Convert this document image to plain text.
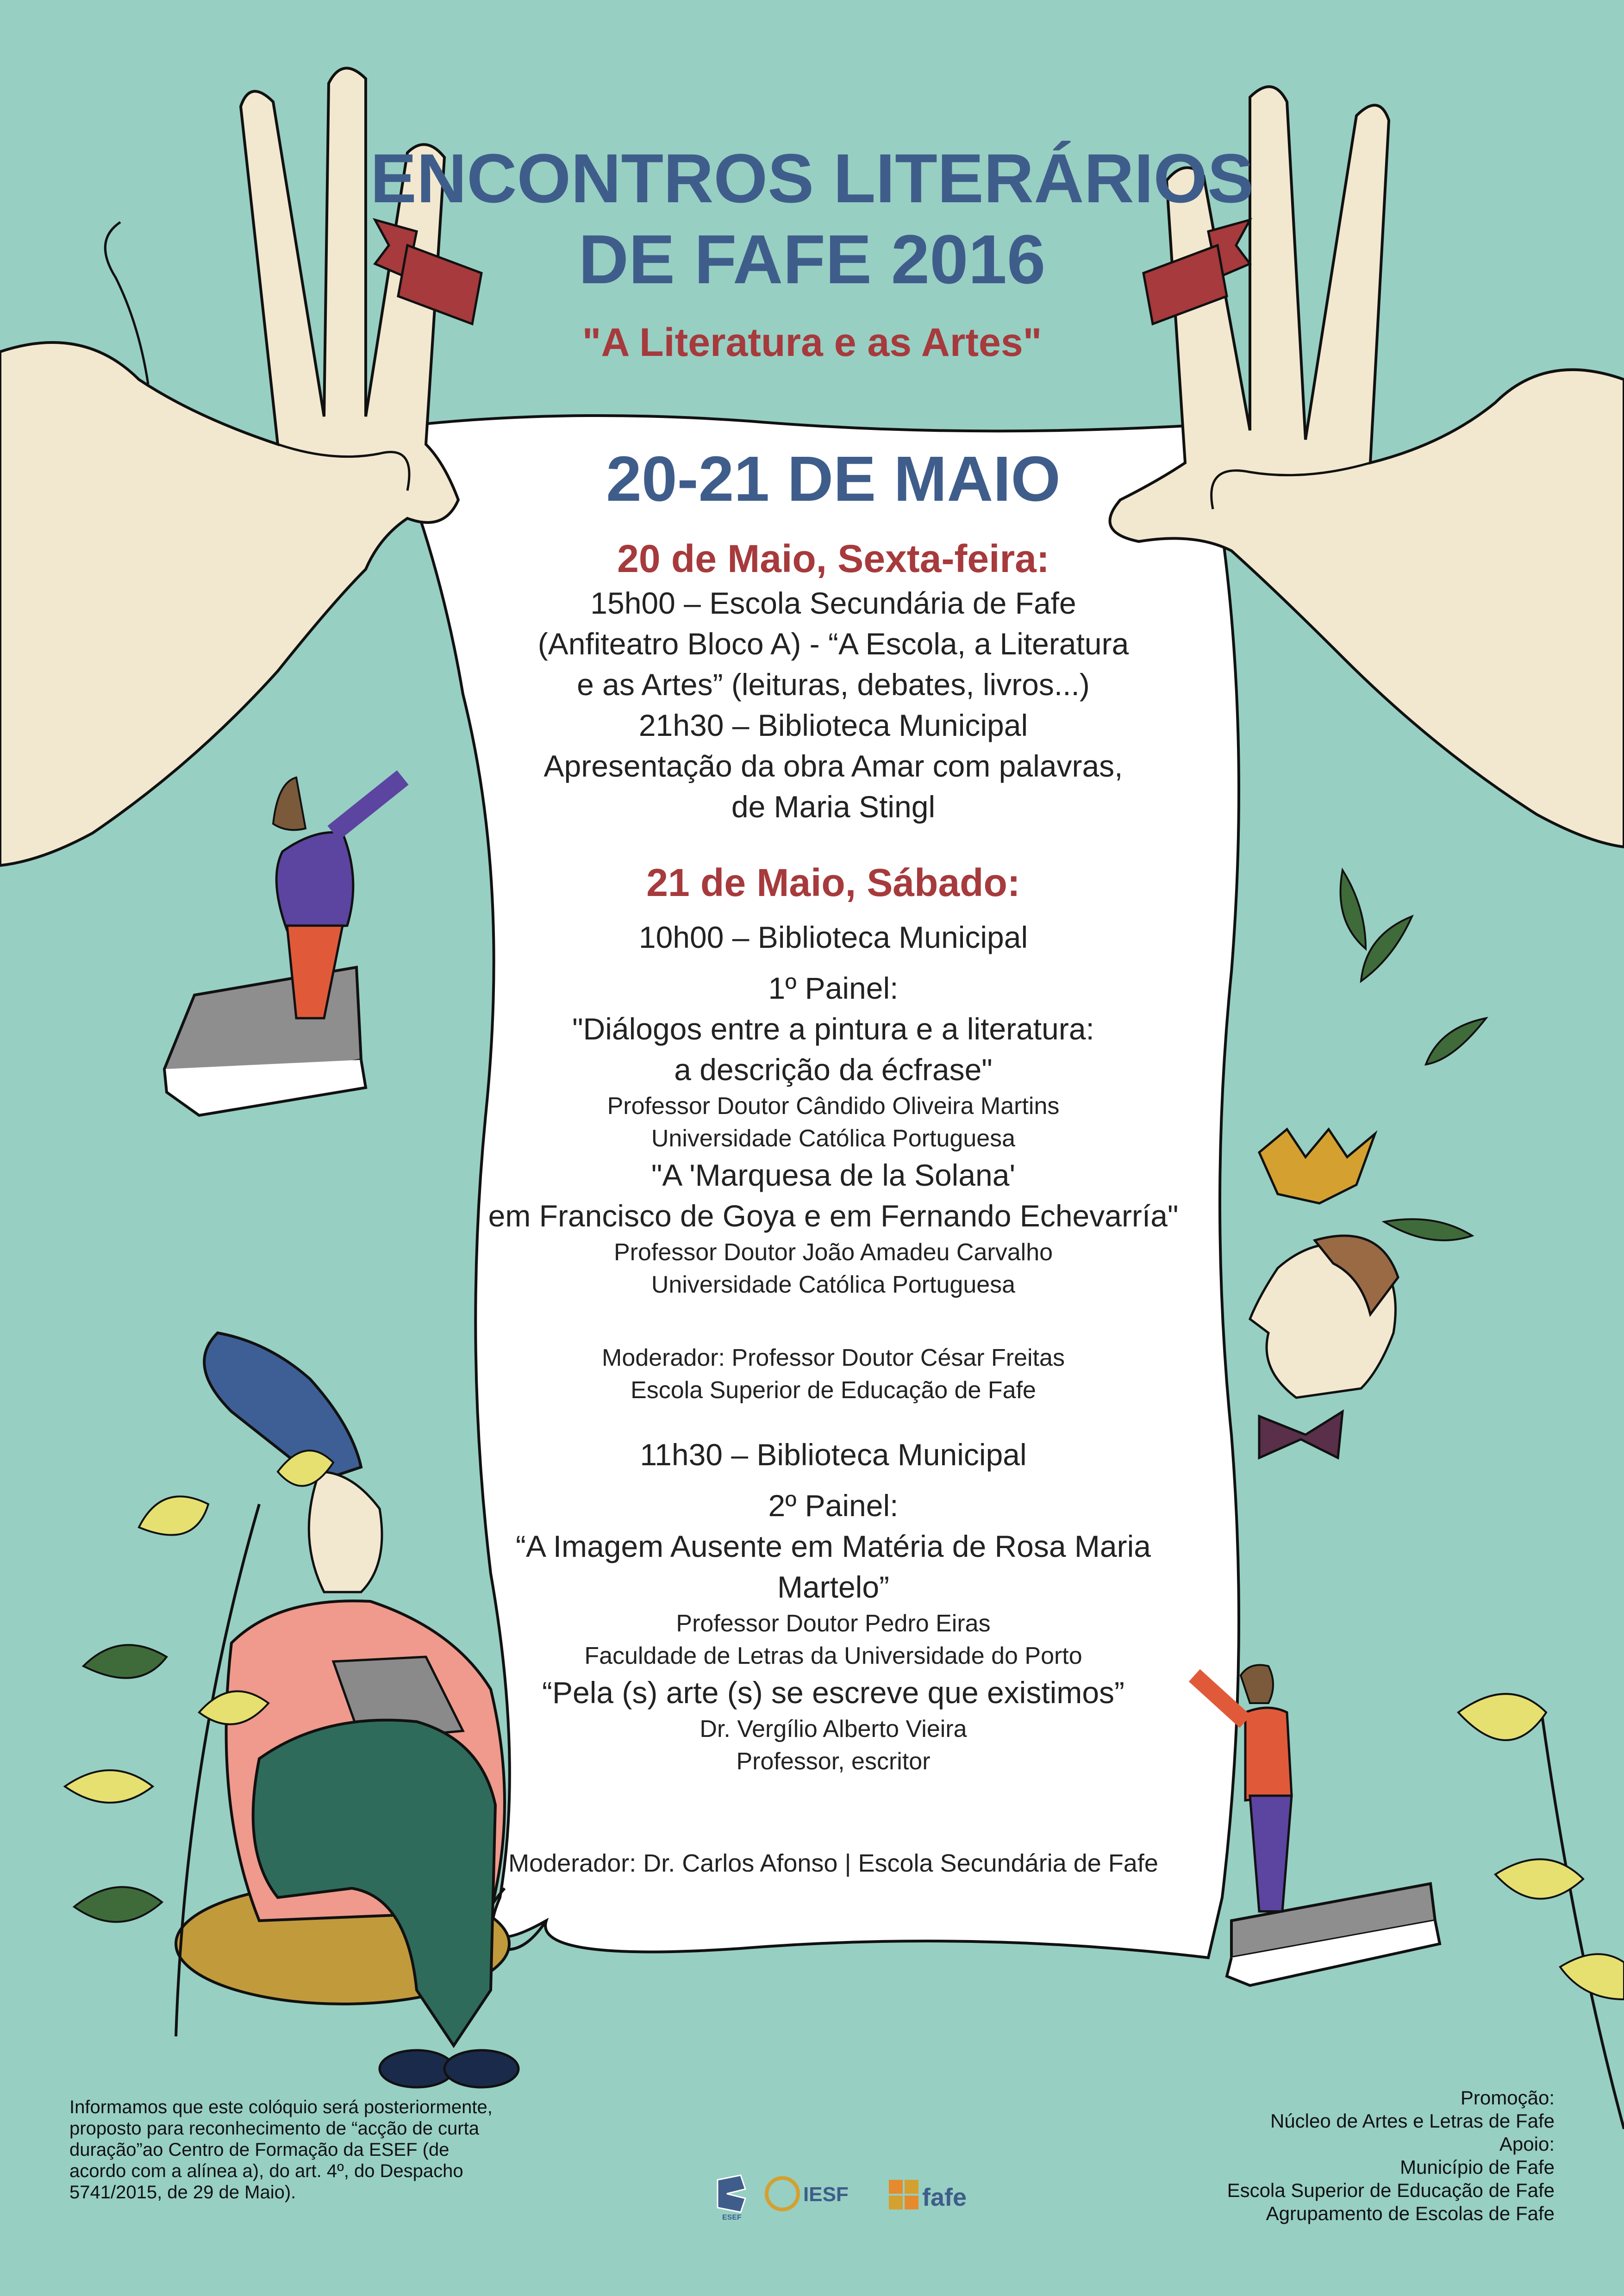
ENCONTROS LITERÁRIOS
DE FAFE 2016
"A Literatura e as Artes"
20-21 DE MAIO
20 de Maio, Sexta-feira:
15h00 – Escola Secundária de Fafe
(Anfiteatro Bloco A) - “A Escola, a Literatura
e as Artes” (leituras, debates, livros...)
21h30 – Biblioteca Municipal
Apresentação da obra Amar com palavras,
de Maria Stingl
21 de Maio, Sábado:
10h00 – Biblioteca Municipal
1º Painel:
"Diálogos entre a pintura e a literatura:
a descrição da écfrase"
Professor Doutor Cândido Oliveira Martins
Universidade Católica Portuguesa
"A 'Marquesa de la Solana'
em Francisco de Goya e em Fernando Echevarría"
Professor Doutor João Amadeu Carvalho
Universidade Católica Portuguesa
Moderador: Professor Doutor César Freitas
Escola Superior de Educação de Fafe
11h30 – Biblioteca Municipal
2º Painel:
“A Imagem Ausente em Matéria de Rosa Maria
Martelo”
Professor Doutor Pedro Eiras
Faculdade de Letras da Universidade do Porto
“Pela (s) arte (s) se escreve que existimos”
Dr. Vergílio Alberto Vieira
Professor, escritor
Moderador: Dr. Carlos Afonso | Escola Secundária de Fafe
Informamos que este colóquio será posteriormente,
proposto para reconhecimento de “acção de curta
duração”ao Centro de Formação da ESEF (de
acordo com a alínea a), do art. 4º, do Despacho
5741/2015, de 29 de Maio).
Promoção:
Núcleo de Artes e Letras de Fafe
Apoio:
Município de Fafe
Escola Superior de Educação de Fafe
Agrupamento de Escolas de Fafe
ESEF
IESF	fafe
